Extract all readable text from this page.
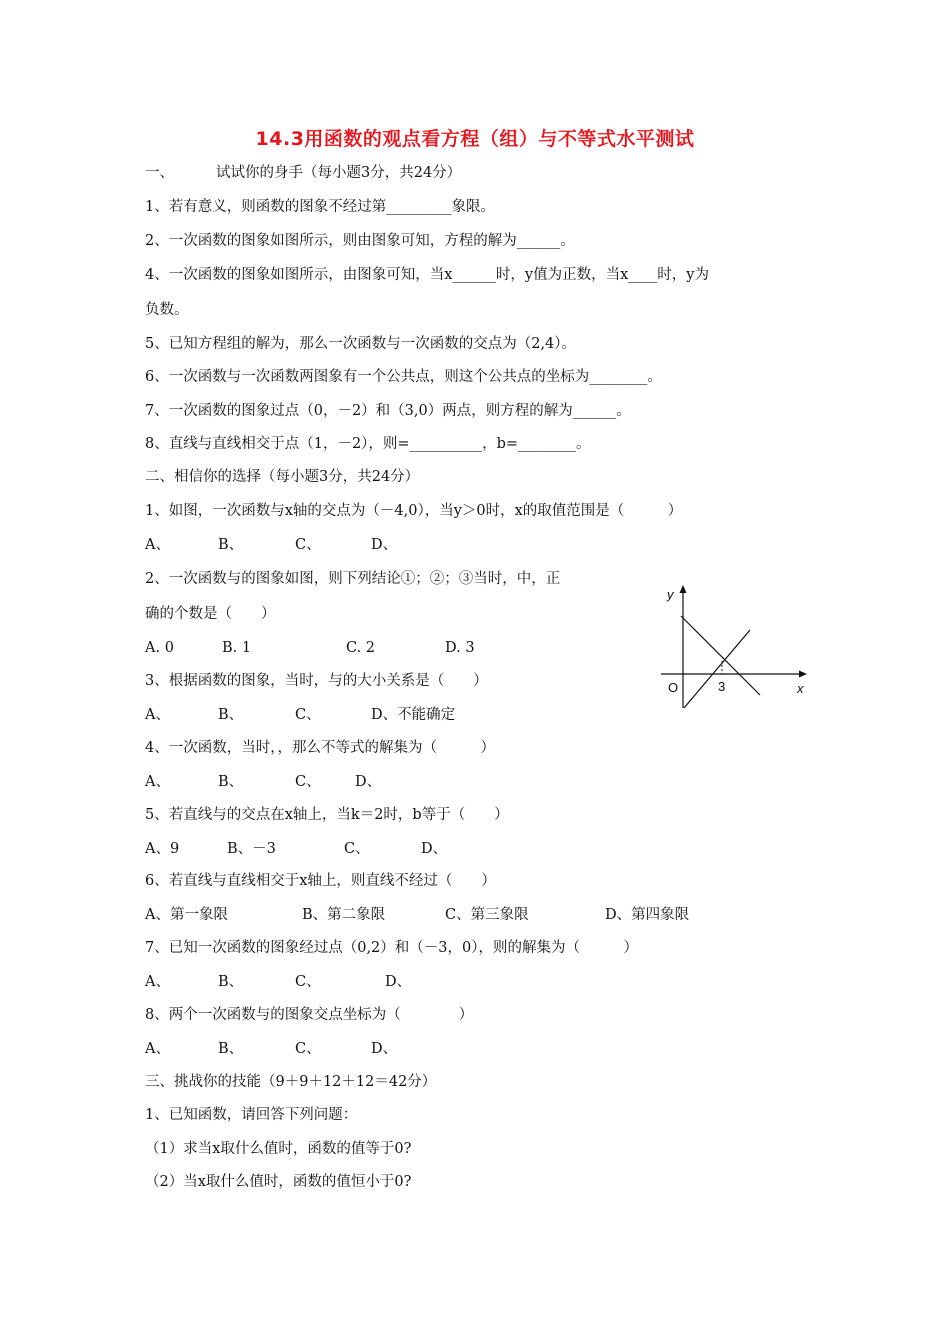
14.3用函数的观点看方程（组）与不等式水平测试
一、	试试你的身手（每小题3分，共24分）
1、若有意义，则函数的图象不经过第_________象限。
2、一次函数的图象如图所示，则由图象可知，方程的解为______。
4、一次函数的图象如图所示，由图象可知，当x______时，y值为正数，当x____时，y为
负数。
5、已知方程组的解为，那么一次函数与一次函数的交点为（2,4）。
6、一次函数与一次函数两图象有一个公共点，则这个公共点的坐标为________。
7、一次函数的图象过点（0，－2）和（3,0）两点，则方程的解为______。
8、直线与直线相交于点（1，－2），则=__________，b=________。
二、相信你的选择（每小题3分，共24分）
1、如图，一次函数与x轴的交点为（－4,0），当y＞0时，x的取值范围是（　　　）
A、	B、	C、	D、
2、一次函数与的图象如图，则下列结论①；②；③当时，中，正
确的个数是（　　）
A. 0	B. 1	C. 2	D. 3
3、根据函数的图象，当时，与的大小关系是（　　）
A、	B、	C、	D、不能确定
4、一次函数，当时，，那么不等式的解集为（　　　）
A、	B、	C、 D、
5、若直线与的交点在x轴上，当k＝2时，b等于（　　）
A、9	B、－3	C、	D、
6、若直线与直线相交于x轴上，则直线不经过（　　）
A、第一象限	B、第二象限	C、第三象限	D、第四象限
7、已知一次函数的图象经过点（0,2）和（－3，0），则的解集为（　　　）
A、	B、	C、	D、
8、两个一次函数与的图象交点坐标为（　　　　）
A、	B、	C、	D、
三、挑战你的技能（9＋9＋12＋12＝42分）
1、已知函数，请回答下列问题：
（1）求当x取什么值时，函数的值等于0?
（2）当x取什么值时，函数的值恒小于0?
y
x
O	3
